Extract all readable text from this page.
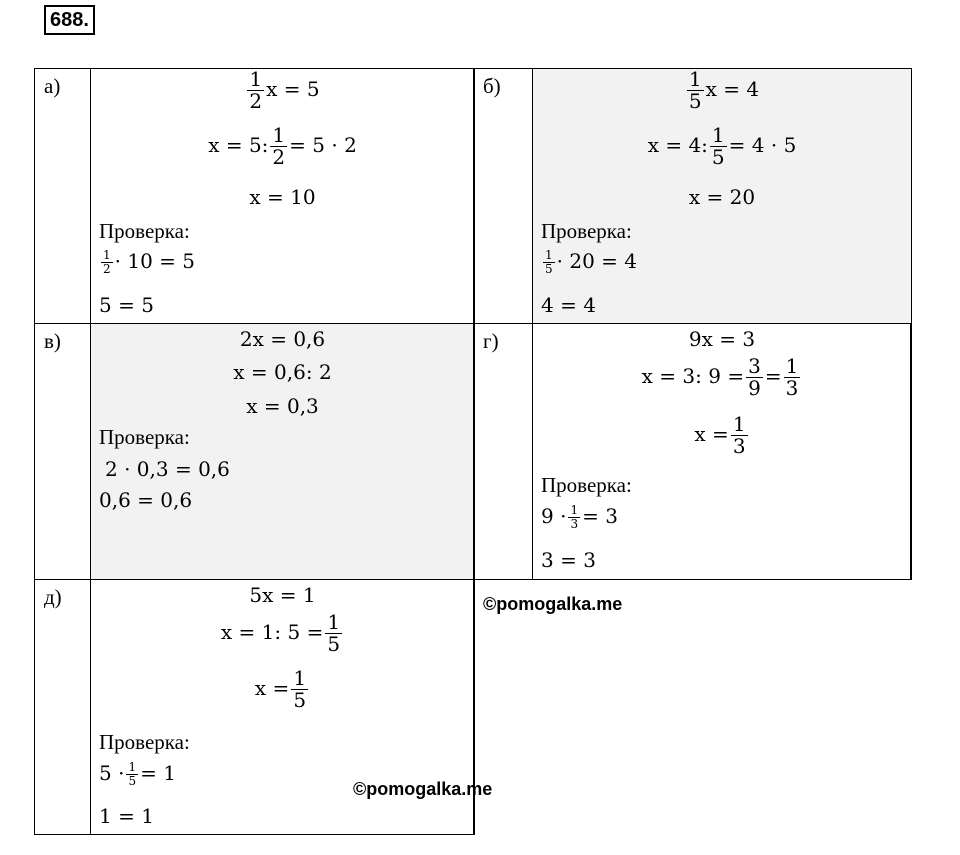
688.
а)	$\frac{1}{2}$ x = 5
x = 5: $\frac{1}{2} = 5 \cdot 2$
x = 10
Проверка:
$\frac{1}{2} \cdot 10 = 5$
5 = 5
б)	$\frac{1}{5}$ x = 4
x = 4: $\frac{1}{5} = 4 \cdot 5$
x = 20
Проверка:
$\frac{1}{5} \cdot 20 = 4$
4 = 4
в)	2x = 0,6
x = 0,6: 2
x = 0,3
Проверка:
2 · 0,3 = 0,6
0,6 = 0,6
г)	9x = 3
x = 3: $9 = \frac{3}{9} = \frac{1}{3}$
$x = \frac{1}{3}$
Проверка:
$9 \cdot \frac{1}{3} = 3$
3 = 3
д)	5x = 1
x = 1: $5 = \frac{1}{5}$
$x = \frac{1}{5}$
Проверка:
$5 \cdot \frac{1}{5} = 1$
1 = 1
©pomogalka.me
©pomogalka.me
